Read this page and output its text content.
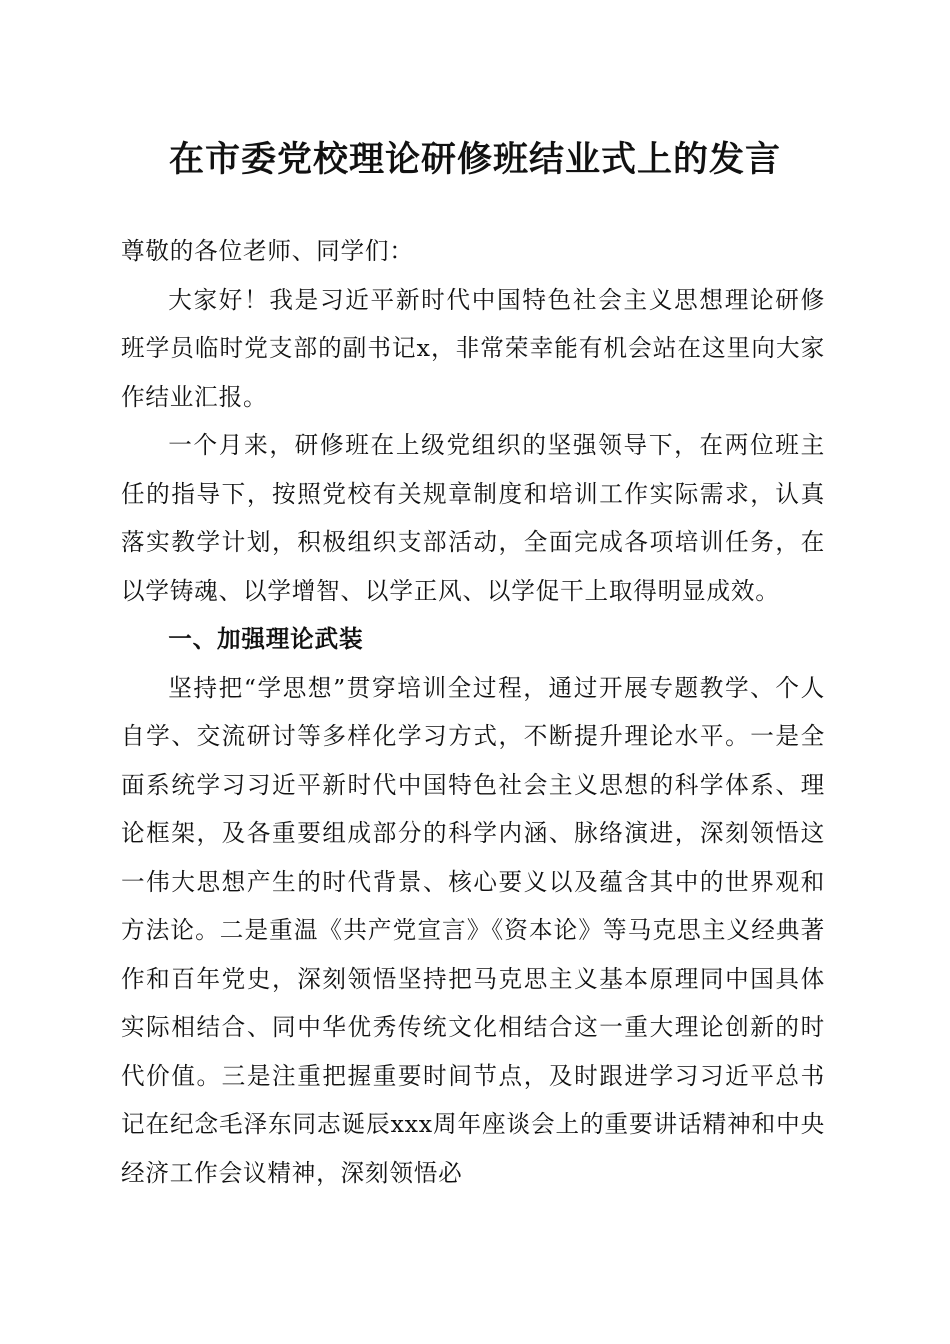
在市委党校理论研修班结业式上的发言

尊敬的各位老师、同学们：

大家好！我是习近平新时代中国特色社会主义思想理论研修班学员临时党支部的副书记x，非常荣幸能有机会站在这里向大家作结业汇报。

一个月来，研修班在上级党组织的坚强领导下，在两位班主任的指导下，按照党校有关规章制度和培训工作实际需求，认真落实教学计划，积极组织支部活动，全面完成各项培训任务，在以学铸魂、以学增智、以学正风、以学促干上取得明显成效。

一、加强理论武装

坚持把“学思想”贯穿培训全过程，通过开展专题教学、个人自学、交流研讨等多样化学习方式，不断提升理论水平。一是全面系统学习习近平新时代中国特色社会主义思想的科学体系、理论框架，及各重要组成部分的科学内涵、脉络演进，深刻领悟这一伟大思想产生的时代背景、核心要义以及蕴含其中的世界观和方法论。二是重温《共产党宣言》《资本论》等马克思主义经典著作和百年党史，深刻领悟坚持把马克思主义基本原理同中国具体实际相结合、同中华优秀传统文化相结合这一重大理论创新的时代价值。三是注重把握重要时间节点，及时跟进学习习近平总书记在纪念毛泽东同志诞辰xxx周年座谈会上的重要讲话精神和中央经济工作会议精神，深刻领悟必
